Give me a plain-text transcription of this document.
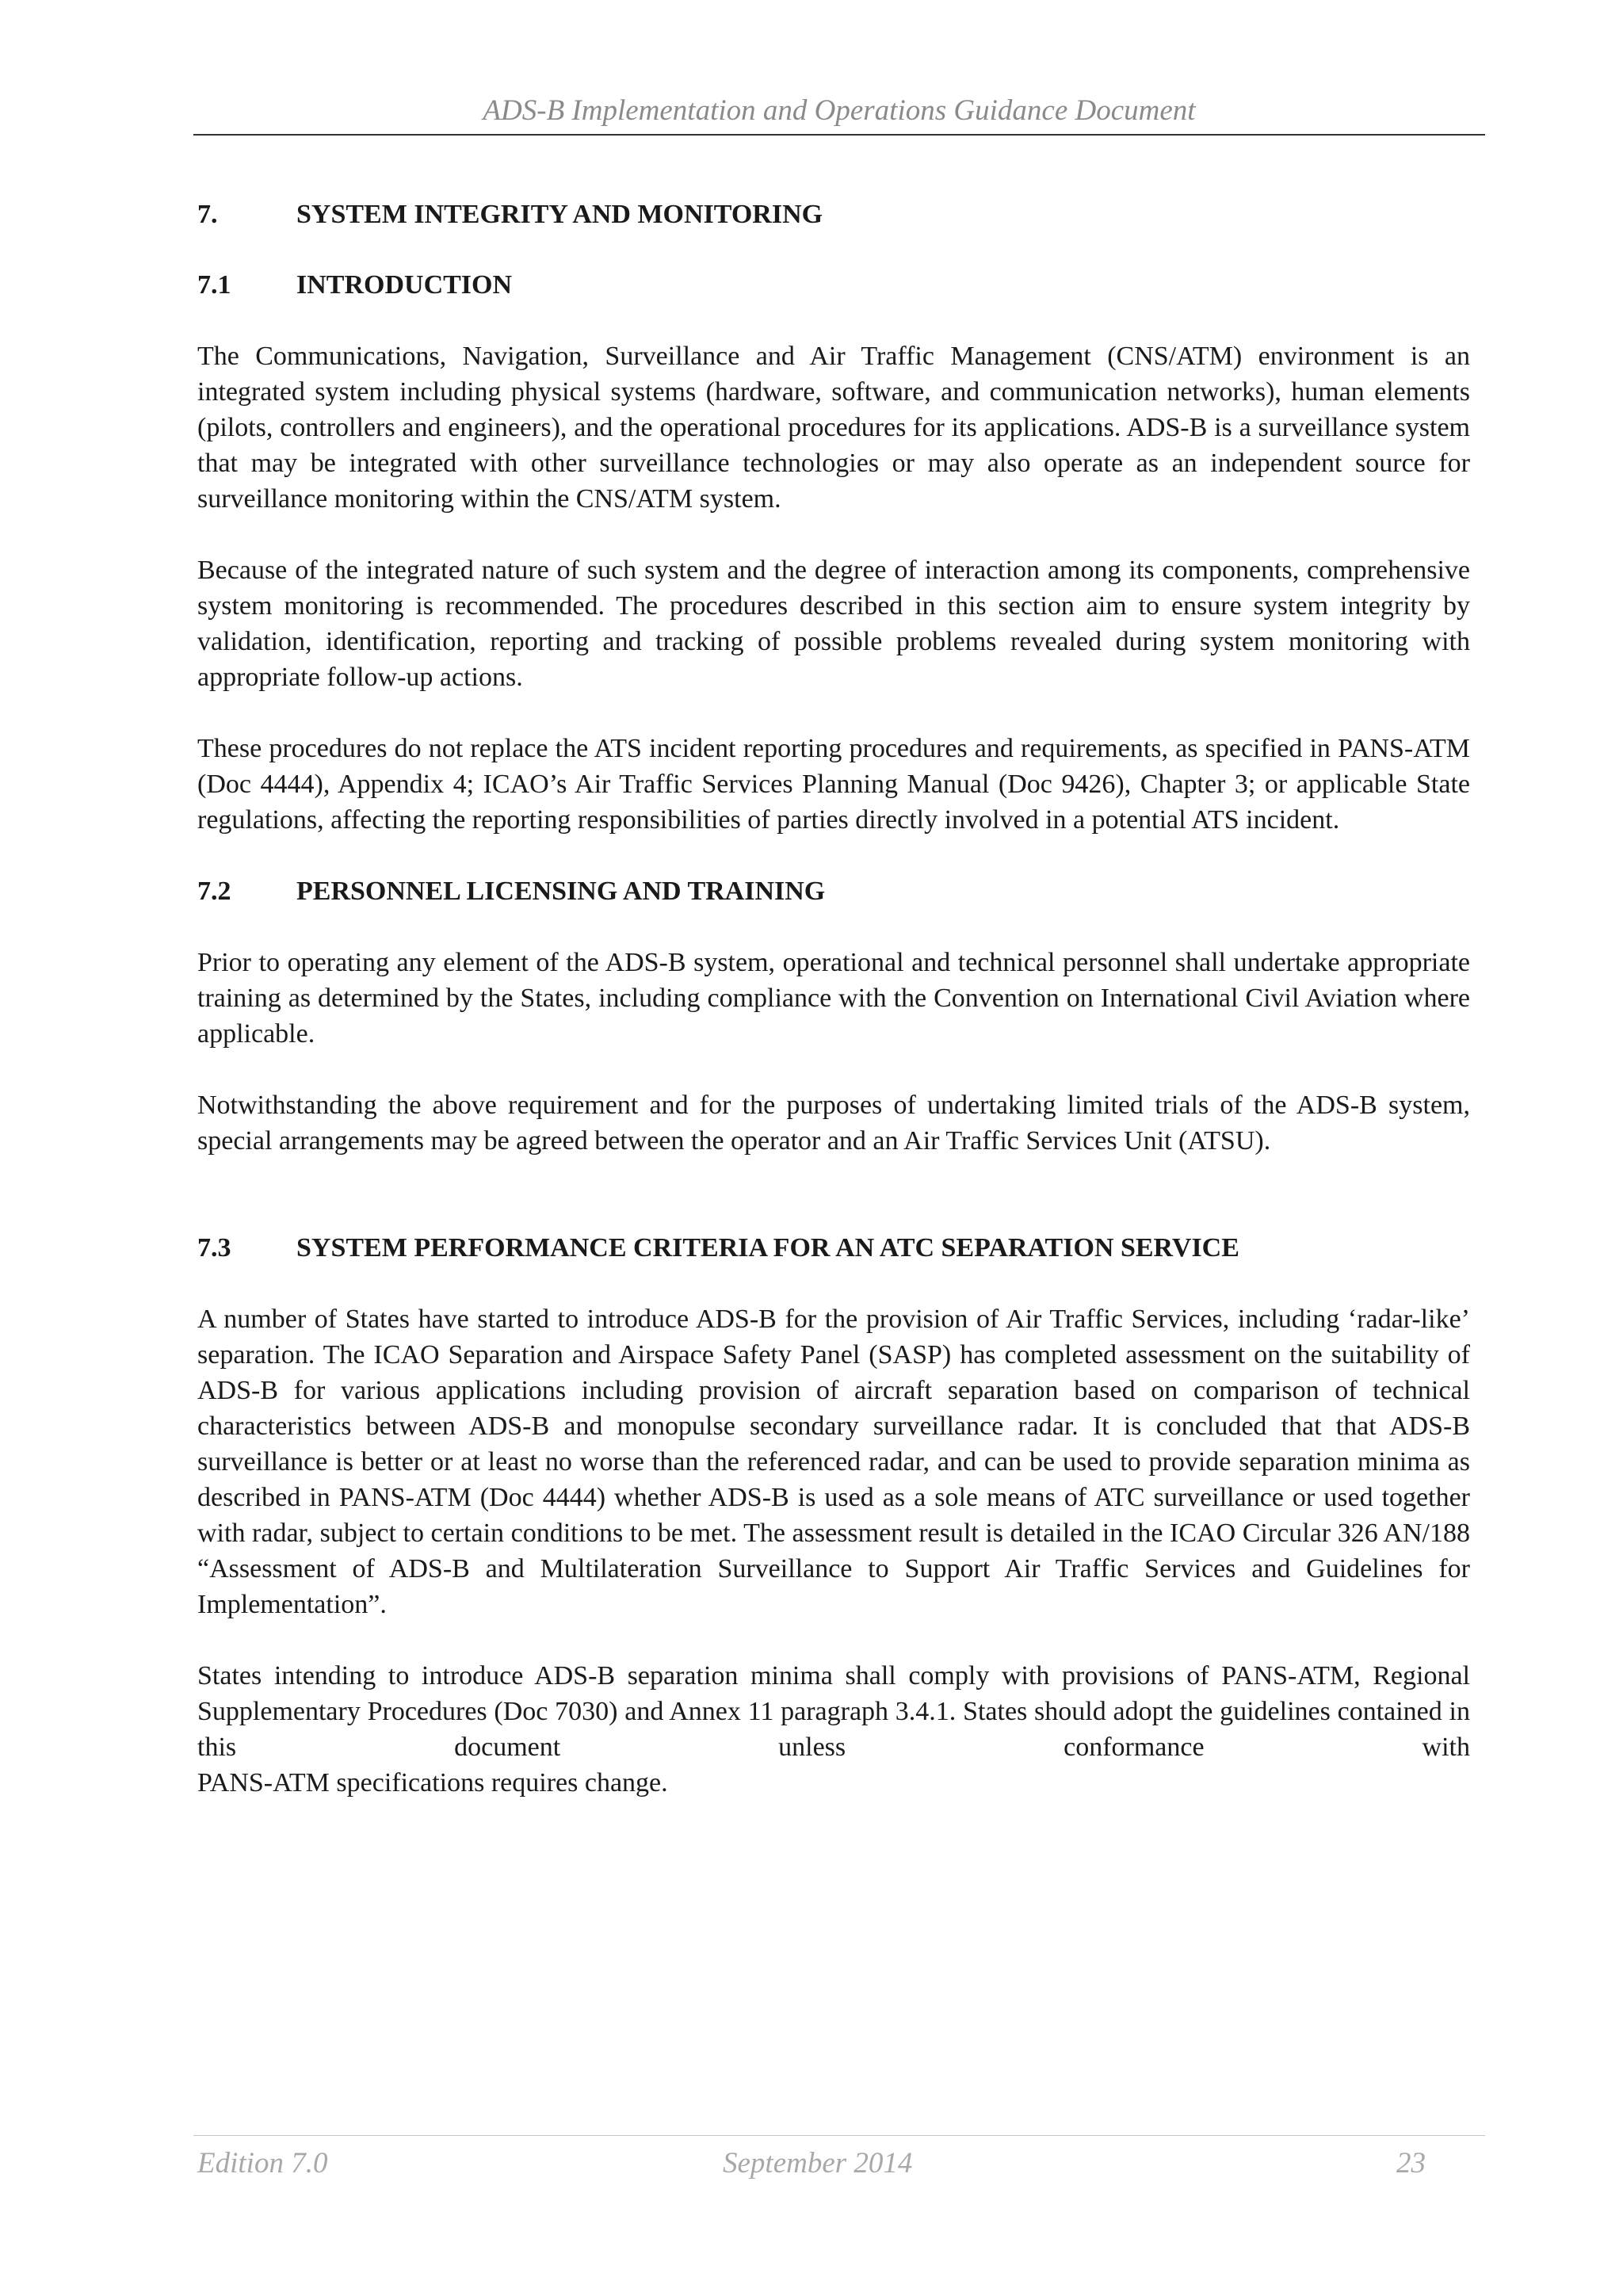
ADS-B Implementation and Operations Guidance Document
7.	SYSTEM INTEGRITY AND MONITORING
7.1	INTRODUCTION

The Communications, Navigation, Surveillance and Air Traffic Management (CNS/ATM) environment is an integrated system including physical systems (hardware, software, and communication networks), human elements (pilots, controllers and engineers), and the operational procedures for its applications. ADS-B is a surveillance system that may be integrated with other surveillance technologies or may also operate as an independent source for surveillance monitoring within the CNS/ATM system.

Because of the integrated nature of such system and the degree of interaction among its components, comprehensive system monitoring is recommended. The procedures described in this section aim to ensure system integrity by validation, identification, reporting and tracking of possible problems revealed during system monitoring with appropriate follow-up actions.

These procedures do not replace the ATS incident reporting procedures and requirements, as specified in PANS-ATM (Doc 4444), Appendix 4; ICAO’s Air Traffic Services Planning Manual (Doc 9426), Chapter 3; or applicable State regulations, affecting the reporting responsibilities of parties directly involved in a potential ATS incident.

7.2	PERSONNEL LICENSING AND TRAINING

Prior to operating any element of the ADS-B system, operational and technical personnel shall undertake appropriate training as determined by the States, including compliance with the Convention on International Civil Aviation where applicable.

Notwithstanding the above requirement and for the purposes of undertaking limited trials of the ADS-B system, special arrangements may be agreed between the operator and an Air Traffic Services Unit (ATSU).

7.3	SYSTEM PERFORMANCE CRITERIA FOR AN ATC SEPARATION SERVICE

A number of States have started to introduce ADS-B for the provision of Air Traffic Services, including ‘radar-like’ separation. The ICAO Separation and Airspace Safety Panel (SASP) has completed assessment on the suitability of ADS-B for various applications including provision of aircraft separation based on comparison of technical characteristics between ADS-B and monopulse secondary surveillance radar. It is concluded that that ADS-B surveillance is better or at least no worse than the referenced radar, and can be used to provide separation minima as described in PANS-ATM (Doc 4444) whether ADS-B is used as a sole means of ATC surveillance or used together with radar, subject to certain conditions to be met. The assessment result is detailed in the ICAO Circular 326 AN/188 “Assessment of ADS-B and Multilateration Surveillance to Support Air Traffic Services and Guidelines for Implementation”.

States intending to introduce ADS-B separation minima shall comply with provisions of PANS-ATM, Regional Supplementary Procedures (Doc 7030) and Annex 11 paragraph 3.4.1. States should adopt the guidelines contained in this document unless conformance with

PANS-ATM specifications requires change.

Edition 7.0	September 2014	23
